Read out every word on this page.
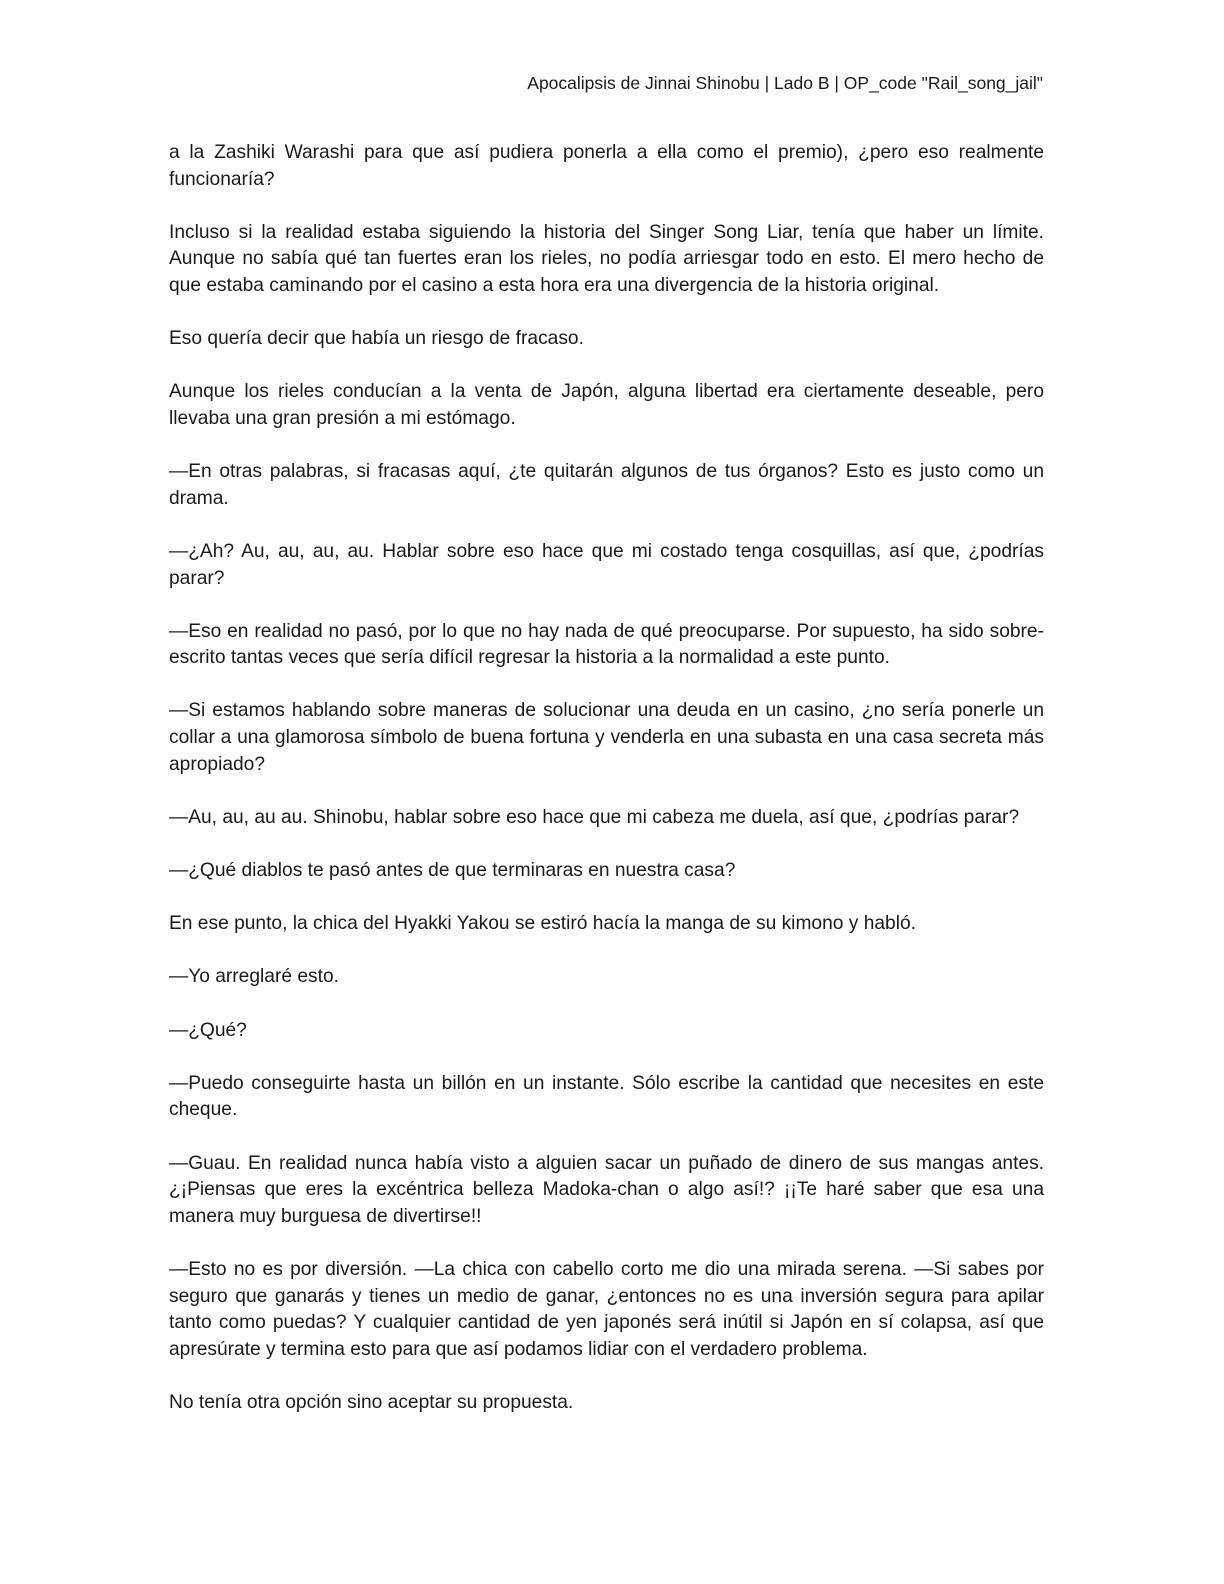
Apocalipsis de Jinnai Shinobu | Lado B | OP_code "Rail_song_jail"

a la Zashiki Warashi para que así pudiera ponerla a ella como el premio), ¿pero eso realmente funcionaría?

Incluso si la realidad estaba siguiendo la historia del Singer Song Liar, tenía que haber un límite. Aunque no sabía qué tan fuertes eran los rieles, no podía arriesgar todo en esto. El mero hecho de que estaba caminando por el casino a esta hora era una divergencia de la historia original.

Eso quería decir que había un riesgo de fracaso.

Aunque los rieles conducían a la venta de Japón, alguna libertad era ciertamente deseable, pero llevaba una gran presión a mi estómago.

—En otras palabras, si fracasas aquí, ¿te quitarán algunos de tus órganos? Esto es justo como un drama.

—¿Ah? Au, au, au, au. Hablar sobre eso hace que mi costado tenga cosquillas, así que, ¿podrías parar?

—Eso en realidad no pasó, por lo que no hay nada de qué preocuparse. Por supuesto, ha sido sobre-escrito tantas veces que sería difícil regresar la historia a la normalidad a este punto.

—Si estamos hablando sobre maneras de solucionar una deuda en un casino, ¿no sería ponerle un collar a una glamorosa símbolo de buena fortuna y venderla en una subasta en una casa secreta más apropiado?

—Au, au, au au. Shinobu, hablar sobre eso hace que mi cabeza me duela, así que, ¿podrías parar?

—¿Qué diablos te pasó antes de que terminaras en nuestra casa?

En ese punto, la chica del Hyakki Yakou se estiró hacía la manga de su kimono y habló.

—Yo arreglaré esto.

—¿Qué?

—Puedo conseguirte hasta un billón en un instante. Sólo escribe la cantidad que necesites en este cheque.

—Guau. En realidad nunca había visto a alguien sacar un puñado de dinero de sus mangas antes. ¿¡Piensas que eres la excéntrica belleza Madoka-chan o algo así!? ¡¡Te haré saber que esa una manera muy burguesa de divertirse!!

—Esto no es por diversión. —La chica con cabello corto me dio una mirada serena. —Si sabes por seguro que ganarás y tienes un medio de ganar, ¿entonces no es una inversión segura para apilar tanto como puedas? Y cualquier cantidad de yen japonés será inútil si Japón en sí colapsa, así que apresúrate y termina esto para que así podamos lidiar con el verdadero problema.

No tenía otra opción sino aceptar su propuesta.
